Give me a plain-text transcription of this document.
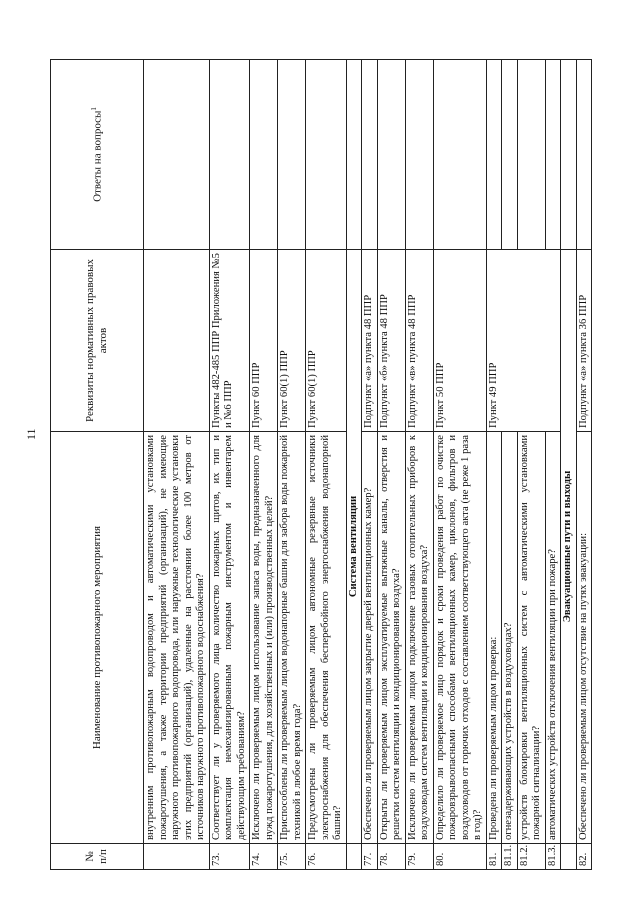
11
№ п/п	Наименование противопожарного мероприятия	Реквизиты нормативных правовых актов	Ответы на вопросы$^1$
	внутренним противопожарным водопроводом и автоматическими установками пожаротушения, а также территории предприятий (организаций), не имеющие наружного противопожарного водопровода, или наружные технологические установки этих предприятий (организаций), удаленные на расстоянии более 100 метров от источников наружного противопожарного водоснабжения?		
73.	Соответствует ли у проверяемого лица количество пожарных щитов, их тип и комплектация немеханизированным пожарным инструментом и инвентарем действующим требованиям?	Пункты 482-485 ППР Приложения №5 и №6 ППР	
74.	Исключено ли проверяемым лицом использование запаса воды, предназначенного для нужд пожаротушения, для хозяйственных и (или) производственных целей?	Пункт 60 ППР	
75.	Приспособлены ли проверяемым лицом водонапорные башни для забора воды пожарной техникой в любое время года?	Пункт 60(1) ППР	
76.	Предусмотрены ли проверяемым лицом автономные резервные источники электроснабжения для обеспечения бесперебойного энергоснабжения водонапорной башни?	Пункт 60(1) ППР	
	Система вентиляции		
77.	Обеспечено ли проверяемым лицом закрытие дверей вентиляционных камер?	Подпункт «а» пункта 48 ППР	
78.	Открыты ли проверяемым лицом эксплуатируемые вытяжные каналы, отверстия и решетки систем вентиляции и кондиционирования воздуха?	Подпункт «б» пункта 48 ППР	
79.	Исключено ли проверяемым лицом подключение газовых отопительных приборов к воздуховодам систем вентиляции и кондиционирования воздуха?	Подпункт «в» пункта 48 ППР	
80.	Определило ли проверяемое лицо порядок и сроки проведения работ по очистке пожаровзрывоопасными способами вентиляционных камер, циклонов, фильтров и воздуховодов от горючих отходов с составлением соответствующего акта (не реже 1 раза в год)?	Пункт 50 ППР	
81.	Проведена ли проверяемым лицом проверка:	Пункт 49 ППР	
81.1.	огнезадерживающих устройств в воздуховодах?		
81.2.	устройств блокировки вентиляционных систем с автоматическими установками пожарной сигнализации?		
81.3.	автоматических устройств отключения вентиляции при пожаре?		
	Эвакуационные пути и выходы		
82.	Обеспечено ли проверяемым лицом отсутствие на путях эвакуации:	Подпункт «а» пункта 36 ППР	
